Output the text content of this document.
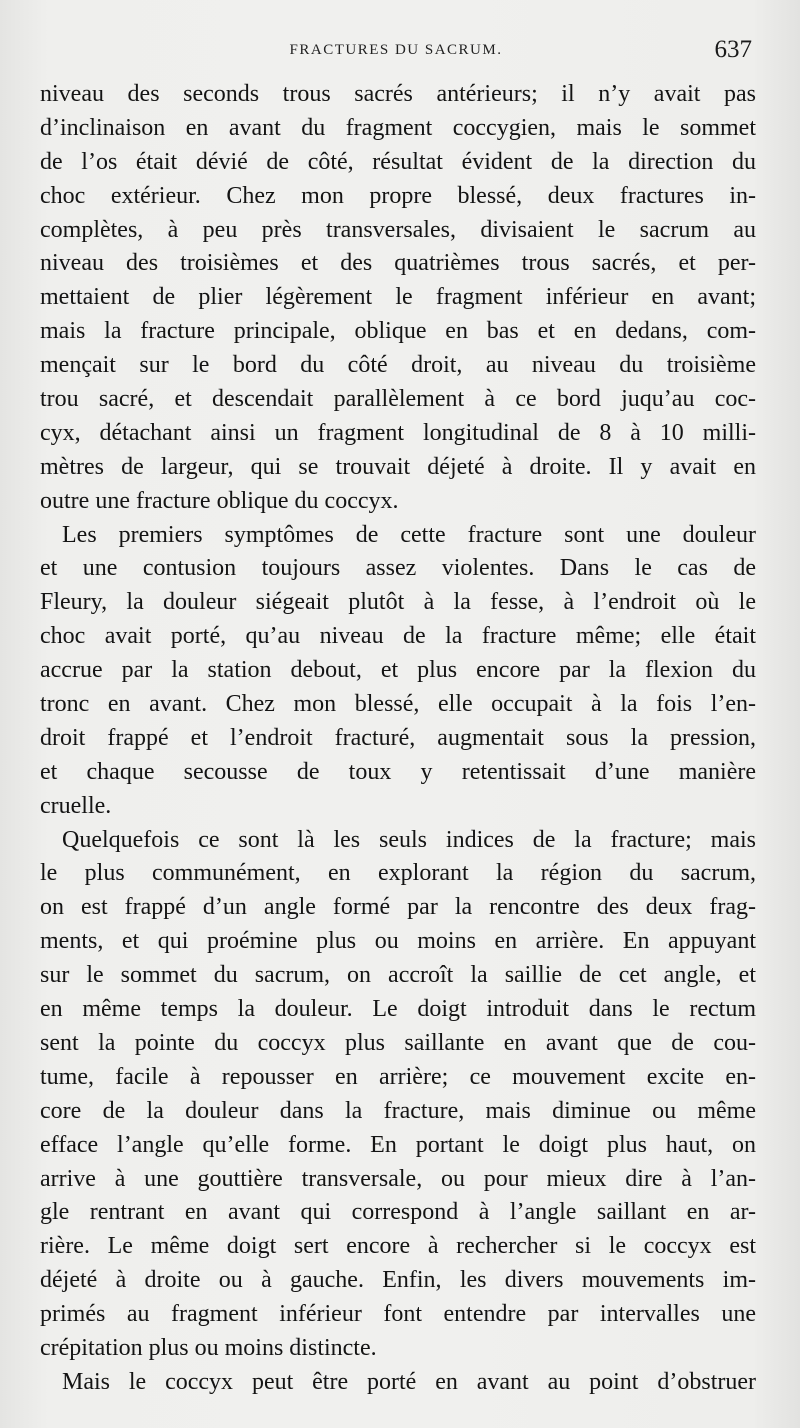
FRACTURES DU SACRUM.	637
niveau des seconds trous sacrés antérieurs; il n’y avait pas
d’inclinaison en avant du fragment coccygien, mais le sommet
de l’os était dévié de côté, résultat évident de la direction du
choc extérieur. Chez mon propre blessé, deux fractures in-
complètes, à peu près transversales, divisaient le sacrum au
niveau des troisièmes et des quatrièmes trous sacrés, et per-
mettaient de plier légèrement le fragment inférieur en avant;
mais la fracture principale, oblique en bas et en dedans, com-
mençait sur le bord du côté droit, au niveau du troisième
trou sacré, et descendait parallèlement à ce bord juqu’au coc-
cyx, détachant ainsi un fragment longitudinal de 8 à 10 milli-
mètres de largeur, qui se trouvait déjeté à droite. Il y avait en
outre une fracture oblique du coccyx.
Les premiers symptômes de cette fracture sont une douleur
et une contusion toujours assez violentes. Dans le cas de
Fleury, la douleur siégeait plutôt à la fesse, à l’endroit où le
choc avait porté, qu’au niveau de la fracture même; elle était
accrue par la station debout, et plus encore par la flexion du
tronc en avant. Chez mon blessé, elle occupait à la fois l’en-
droit frappé et l’endroit fracturé, augmentait sous la pression,
et chaque secousse de toux y retentissait d’une manière
cruelle.
Quelquefois ce sont là les seuls indices de la fracture; mais
le plus communément, en explorant la région du sacrum,
on est frappé d’un angle formé par la rencontre des deux frag-
ments, et qui proémine plus ou moins en arrière. En appuyant
sur le sommet du sacrum, on accroît la saillie de cet angle, et
en même temps la douleur. Le doigt introduit dans le rectum
sent la pointe du coccyx plus saillante en avant que de cou-
tume, facile à repousser en arrière; ce mouvement excite en-
core de la douleur dans la fracture, mais diminue ou même
efface l’angle qu’elle forme. En portant le doigt plus haut, on
arrive à une gouttière transversale, ou pour mieux dire à l’an-
gle rentrant en avant qui correspond à l’angle saillant en ar-
rière. Le même doigt sert encore à rechercher si le coccyx est
déjeté à droite ou à gauche. Enfin, les divers mouvements im-
primés au fragment inférieur font entendre par intervalles une
crépitation plus ou moins distincte.
Mais le coccyx peut être porté en avant au point d’obstruer
